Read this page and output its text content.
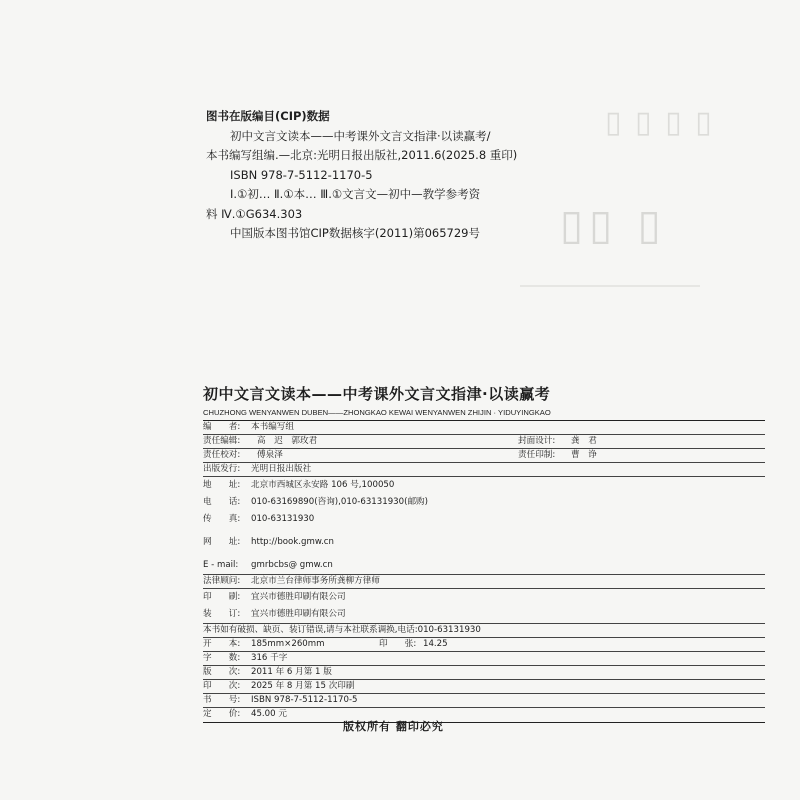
▯ ▯ ▯ ▯
▯▯ ▯
图书在版编目(CIP)数据
初中文言文读本——中考课外文言文指津·以读赢考/
本书编写组编.—北京:光明日报出版社,2011.6(2025.8 重印)
ISBN 978-7-5112-1170-5
Ⅰ.①初… Ⅱ.①本… Ⅲ.①文言文—初中—教学参考资
料 Ⅳ.①G634.303
中国版本图书馆CIP数据核字(2011)第065729号
初中文言文读本——中考课外文言文指津·以读赢考
CHUZHONG WENYANWEN DUBEN——ZHONGKAO KEWAI WENYANWEN ZHIJIN · YIDUYINGKAO
编　　者: 本书编写组
责任编辑: 高　迟　郭玫君	封面设计: 龚　君
责任校对: 傅泉泽	责任印制: 曹　诤
出版发行: 光明日报出版社
地　　址: 北京市西城区永安路 106 号,100050
电　　话: 010-63169890(咨询),010-63131930(邮购)
传　　真: 010-63131930
网　　址: http://book.gmw.cn
E - mail: gmrbcbs@ gmw.cn
法律顾问: 北京市兰台律师事务所龚柳方律师
印　　刷: 宜兴市德胜印刷有限公司
装　　订: 宜兴市德胜印刷有限公司
本书如有破损、缺页、装订错误,请与本社联系调换,电话:010-63131930
开　　本: 185mm×260mm	印　　张: 14.25
字　　数: 316 千字
版　　次: 2011 年 6 月第 1 版
印　　次: 2025 年 8 月第 15 次印刷
书　　号: ISBN 978-7-5112-1170-5
定　　价: 45.00 元
版权所有 翻印必究
